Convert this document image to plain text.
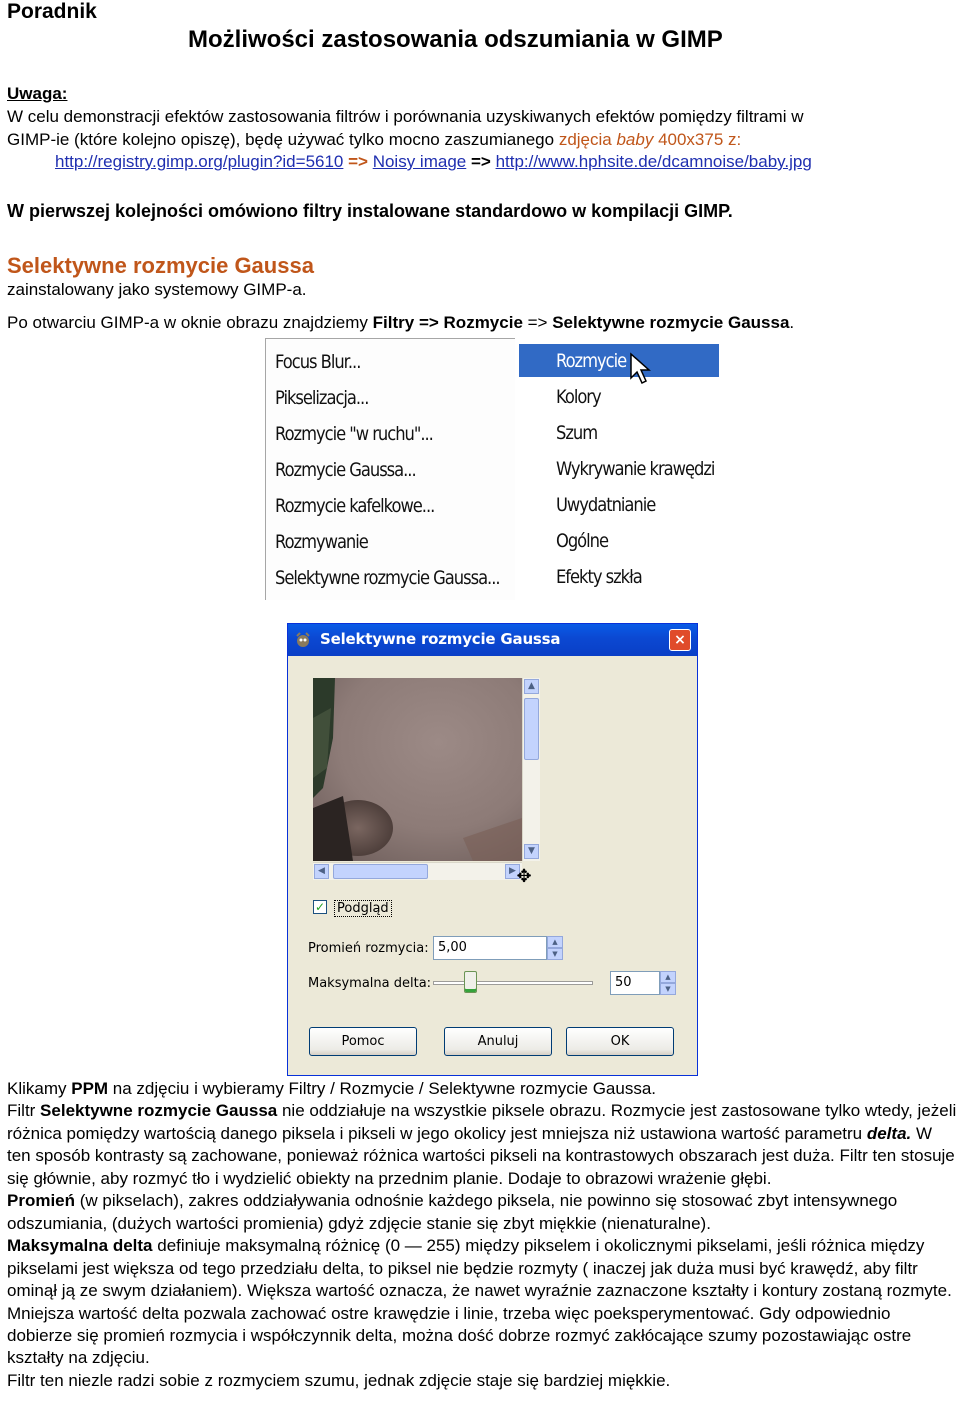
Poradnik
Możliwości zastosowania odszumiania w GIMP
Uwaga:

W celu demonstracji efektów zastosowania filtrów i porównania uzyskiwanych efektów pomiędzy filtrami w
GIMP-ie (które kolejno opiszę), będę używać tylko mocno zaszumianego zdjęcia baby 400x375 z:
http://registry.gimp.org/plugin?id=5610 => Noisy image => http://www.hphsite.de/dcamnoise/baby.jpg

W pierwszej kolejności omówiono filtry instalowane standardowo w kompilacji GIMP.
Selektywne rozmycie Gaussa
zainstalowany jako systemowy GIMP-a.
Po otwarciu GIMP-a w oknie obrazu znajdziemy Filtry => Rozmycie => Selektywne rozmycie Gaussa.
Focus Blur...
Pikselizacja...
Rozmycie "w ruchu"...
Rozmycie Gaussa...
Rozmycie kafelkowe...
Rozmywanie
Selektywne rozmycie Gaussa...
Rozmycie
Kolory
Szum
Wykrywanie krawędzi
Uwydatnianie
Ogólne
Efekty szkła
Selektywne rozmycie Gaussa	×
▲
▼
◀	▶ ✥
✓ Podgląd
Promień rozmycia: 5,00	▲
▼
Maksymalna delta:	50	▲
▼
Pomoc	Anuluj	OK
Klikamy PPM na zdjęciu i wybieramy Filtry / Rozmycie / Selektywne rozmycie Gaussa.
Filtr Selektywne rozmycie Gaussa nie oddziałuje na wszystkie piksele obrazu. Rozmycie jest zastosowane tylko wtedy, jeżeli różnica pomiędzy wartością danego piksela i pikseli w jego okolicy jest mniejsza niż ustawiona wartość parametru delta. W ten sposób kontrasty są zachowane, ponieważ różnica wartości pikseli na kontrastowych obszarach jest duża. Filtr ten stosuje się głównie, aby rozmyć tło i wydzielić obiekty na przednim planie. Dodaje to obrazowi wrażenie głębi.
Promień (w pikselach), zakres oddziaływania odnośnie każdego piksela, nie powinno się stosować zbyt intensywnego odszumiania, (dużych wartości promienia) gdyż zdjęcie stanie się zbyt miękkie (nienaturalne).
Maksymalna delta definiuje maksymalną różnicę (0 — 255) między pikselem i okolicznymi pikselami, jeśli różnica między pikselami jest większa od tego przedziału delta, to piksel nie będzie rozmyty ( inaczej jak duża musi być krawędź, aby filtr ominął ją ze swym działaniem). Większa wartość oznacza, że nawet wyraźnie zaznaczone kształty i kontury zostaną rozmyte. Mniejsza wartość delta pozwala zachować ostre krawędzie i linie, trzeba więc poeksperymentować. Gdy odpowiednio dobierze się promień rozmycia i współczynnik delta, można dość dobrze rozmyć zakłócające szumy pozostawiając ostre kształty na zdjęciu.
Filtr ten niezle radzi sobie z rozmyciem szumu, jednak zdjęcie staje się bardziej miękkie.
